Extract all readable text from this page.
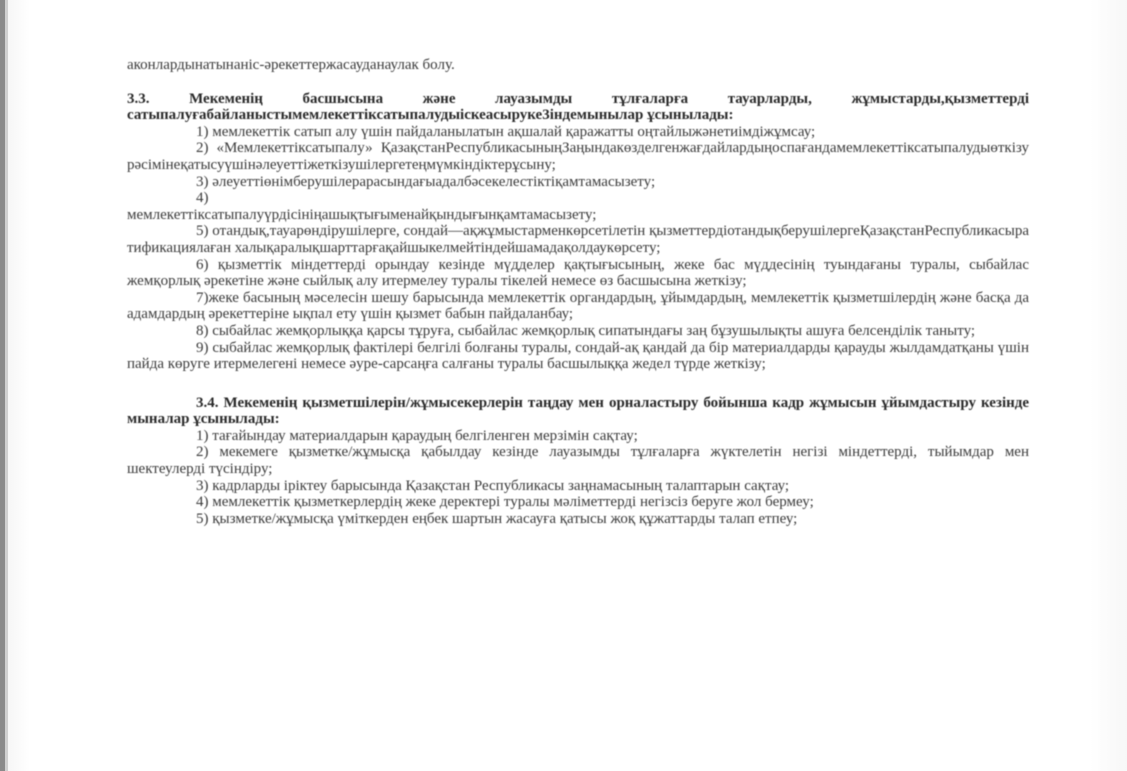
аконлардынатынаніс-әрекеттержасауданаулак болу.

3.3. Мекеменің басшысына және лауазымды тұлғаларға тауарларды, жұмыстарды,қызметтерді сатыпалуғабайланыстымемлекеттіксатыпалудыіскеасыруке3індемынылар ұсынылады:

1) мемлекеттік сатып алу үшін пайдаланылатын ақшалай қаражатты оңтайлыжәнетиімдіжұмсау;

2) «Мемлекеттіксатыпалу» ҚазақстанРеспубликасыныңЗаңындакөзделгенжағдайлардыңоспағандамемлекеттіксатыпалудыөткізурәсімінеқатысуүшінәлеуеттіжеткізушілергетеңмүмкіндіктерұсыну;

3) әлеуеттіөнімберушілерарасындағыадалбәсекелестіктіқамтамасызету;

4)
мемлекеттіксатыпалуүрдісініңашықтығыменайқындығынқамтамасызету;

5) отандық,тауарөндірушілерге, сондай—ақжұмыстарменкөрсетілетін қызметтердіотандықберушілергеҚазақстанРеспубликасыратификациялаған халықаралықшарттарғақайшыкелмейтіндейшамадақолдаукөрсету;

6) қызметтік міндеттерді орындау кезінде мүдделер қақтығысының, жеке бас мүддесінің туындағаны туралы, сыбайлас жемқорлық әрекетіне және сыйлық алу итермелеу туралы тікелей немесе өз басшысына жеткізу;

7)жеке басының мәселесін шешу барысында мемлекеттік органдардың, ұйымдардың, мемлекеттік қызметшілердің және басқа да адамдардың әрекеттеріне ықпал ету үшін қызмет бабын пайдаланбау;

8) сыбайлас жемқорлыққа қарсы тұруға, сыбайлас жемқорлық сипатындағы заң бұзушылықты ашуға белсенділік таныту;

9) сыбайлас жемқорлық фактілері белгілі болғаны туралы, сондай-ақ қандай да бір материалдарды қарауды жылдамдатқаны үшін пайда көруге итермелегені немесе әуре-сарсаңға салғаны туралы басшылыққа жедел түрде жеткізу;

3.4. Мекеменің қызметшілерін/жұмысекерлерін таңдау мен орналастыру бойынша кадр жұмысын ұйымдастыру кезінде мыналар ұсынылады:

1) тағайындау материалдарын қараудың белгіленген мерзімін сақтау;

2) мекемеге қызметке/жұмысқа қабылдау кезінде лауазымды тұлғаларға жүктелетін негізі міндеттерді, тыйымдар мен шектеулерді түсіндіру;

3) кадрларды іріктеу барысында Қазақстан Республикасы заңнамасының талаптарын сақтау;

4) мемлекеттік қызметкерлердің жеке деректері туралы мәліметтерді негізсіз беруге жол бермеу;

5) қызметке/жұмысқа үміткерден еңбек шартын жасауға қатысы жоқ құжаттарды талап етпеу;
